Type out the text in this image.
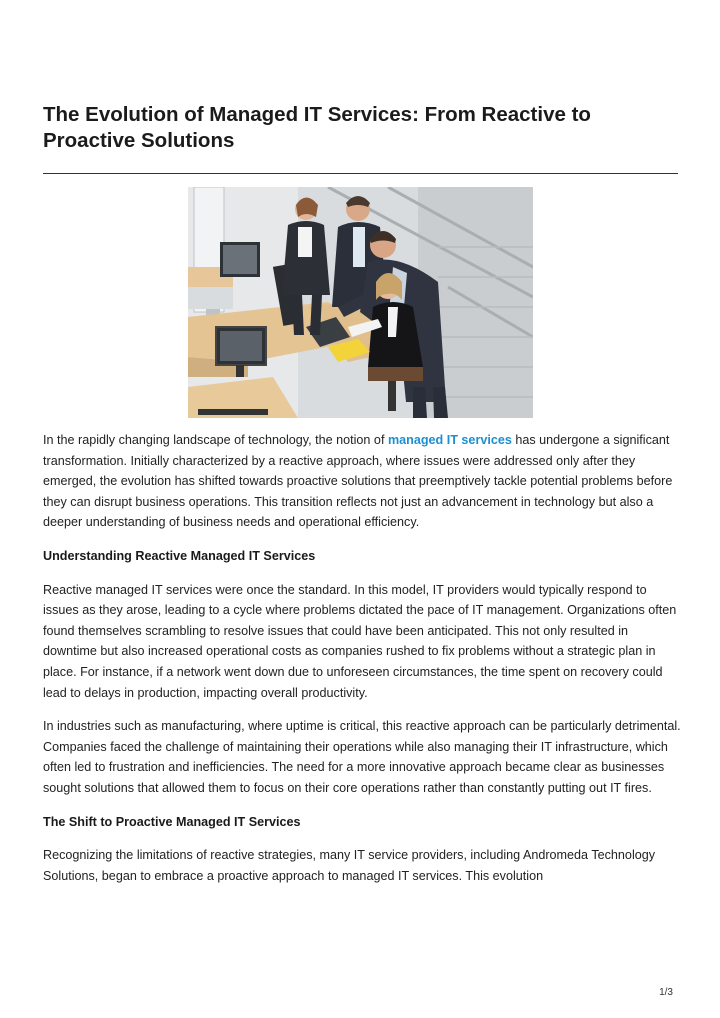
The Evolution of Managed IT Services: From Reactive to Proactive Solutions

In the rapidly changing landscape of technology, the notion of managed IT services has undergone a significant transformation. Initially characterized by a reactive approach, where issues were addressed only after they emerged, the evolution has shifted towards proactive solutions that preemptively tackle potential problems before they can disrupt business operations. This transition reflects not just an advancement in technology but also a deeper understanding of business needs and operational efficiency.

Understanding Reactive Managed IT Services

Reactive managed IT services were once the standard. In this model, IT providers would typically respond to issues as they arose, leading to a cycle where problems dictated the pace of IT management. Organizations often found themselves scrambling to resolve issues that could have been anticipated. This not only resulted in downtime but also increased operational costs as companies rushed to fix problems without a strategic plan in place. For instance, if a network went down due to unforeseen circumstances, the time spent on recovery could lead to delays in production, impacting overall productivity.

In industries such as manufacturing, where uptime is critical, this reactive approach can be particularly detrimental. Companies faced the challenge of maintaining their operations while also managing their IT infrastructure, which often led to frustration and inefficiencies. The need for a more innovative approach became clear as businesses sought solutions that allowed them to focus on their core operations rather than constantly putting out IT fires.

The Shift to Proactive Managed IT Services

Recognizing the limitations of reactive strategies, many IT service providers, including Andromeda Technology Solutions, began to embrace a proactive approach to managed IT services. This evolution

1/3
